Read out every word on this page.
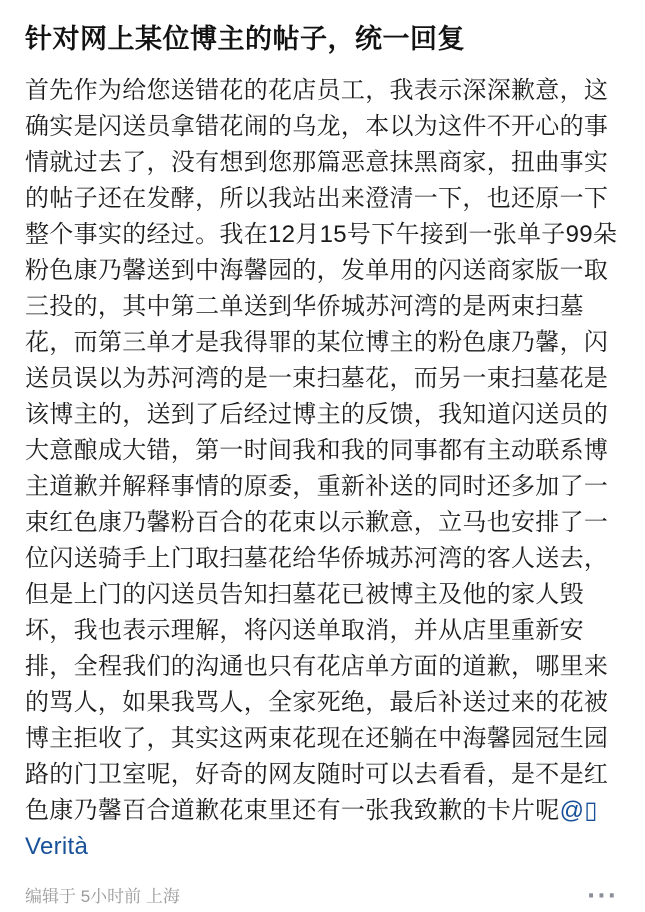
针对网上某位博主的帖子，统一回复

首先作为给您送错花的花店员工，我表示深深歉意，这确实是闪送员拿错花闹的乌龙，本以为这件不开心的事情就过去了，没有想到您那篇恶意抹黑商家，扭曲事实的帖子还在发酵，所以我站出来澄清一下，也还原一下整个事实的经过。我在12月15号下午接到一张单子99朵粉色康乃馨送到中海馨园的，发单用的闪送商家版一取三投的，其中第二单送到华侨城苏河湾的是两束扫墓花，而第三单才是我得罪的某位博主的粉色康乃馨，闪送员误以为苏河湾的是一束扫墓花，而另一束扫墓花是该博主的，送到了后经过博主的反馈，我知道闪送员的大意酿成大错，第一时间我和我的同事都有主动联系博主道歉并解释事情的原委，重新补送的同时还多加了一束红色康乃馨粉百合的花束以示歉意，立马也安排了一位闪送骑手上门取扫墓花给华侨城苏河湾的客人送去，但是上门的闪送员告知扫墓花已被博主及他的家人毁坏，我也表示理解，将闪送单取消，并从店里重新安排，全程我们的沟通也只有花店单方面的道歉，哪里来的骂人，如果我骂人，全家死绝，最后补送过来的花被博主拒收了，其实这两束花现在还躺在中海馨园冠生园路的门卫室呢，好奇的网友随时可以去看看，是不是红色康乃馨百合道歉花束里还有一张我致歉的卡片呢@▯Verità

编辑于 5小时前 上海	···
